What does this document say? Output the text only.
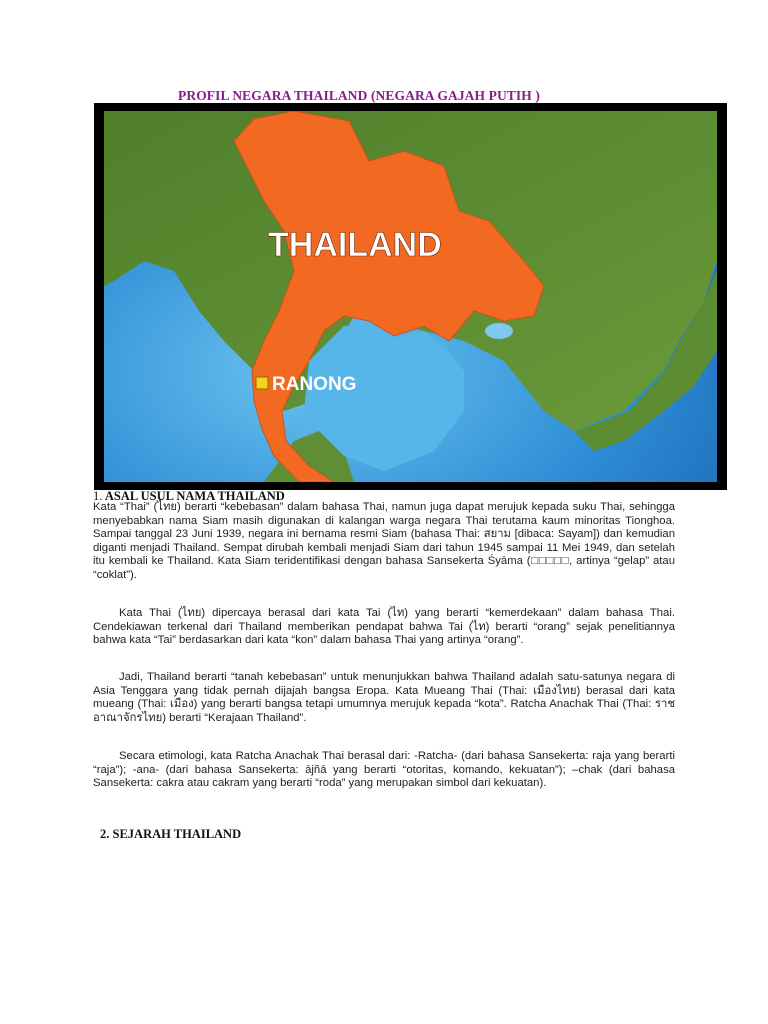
PROFIL NEGARA THAILAND (NEGARA GAJAH PUTIH )
THAILAND
RANONG
1. ASAL USUL NAMA THAILAND

Kata “Thai” (ไทย) berarti “kebebasan” dalam bahasa Thai, namun juga dapat merujuk kepada suku Thai, sehingga menyebabkan nama Siam masih digunakan di kalangan warga negara Thai terutama kaum minoritas Tionghoa. Sampai tanggal 23 Juni 1939, negara ini bernama resmi Siam (bahasa Thai: สยาม [dibaca: Sayam]) dan kemudian diganti menjadi Thailand. Sempat dirubah kembali menjadi Siam dari tahun 1945 sampai 11 Mei 1949, dan setelah itu kembali ke Thailand. Kata Siam teridentifikasi dengan bahasa Sansekerta Śyāma (□□□□□, artinya “gelap” atau “coklat”).

Kata Thai (ไทย) dipercaya berasal dari kata Tai (ไท) yang berarti “kemerdekaan” dalam bahasa Thai. Cendekiawan terkenal dari Thailand memberikan pendapat bahwa Tai (ไท) berarti “orang” sejak penelitiannya bahwa kata “Tai” berdasarkan dari kata “kon” dalam bahasa Thai yang artinya “orang”.

Jadi, Thailand berarti “tanah kebebasan” untuk menunjukkan bahwa Thailand adalah satu-satunya negara di Asia Tenggara yang tidak pernah dijajah bangsa Eropa. Kata Mueang Thai (Thai: เมืองไทย) berasal dari kata mueang (Thai: เมือง) yang berarti bangsa tetapi umumnya merujuk kepada “kota”. Ratcha Anachak Thai (Thai: ราชอาณาจักรไทย) berarti “Kerajaan Thailand”.

Secara etimologi, kata Ratcha Anachak Thai berasal dari: -Ratcha- (dari bahasa Sansekerta: raja yang berarti “raja”); -ana- (dari bahasa Sansekerta: ājñā yang berarti “otoritas, komando, kekuatan”); –chak (dari bahasa Sansekerta: cakra atau cakram yang berarti “roda” yang merupakan simbol dari kekuatan).

2. SEJARAH THAILAND
